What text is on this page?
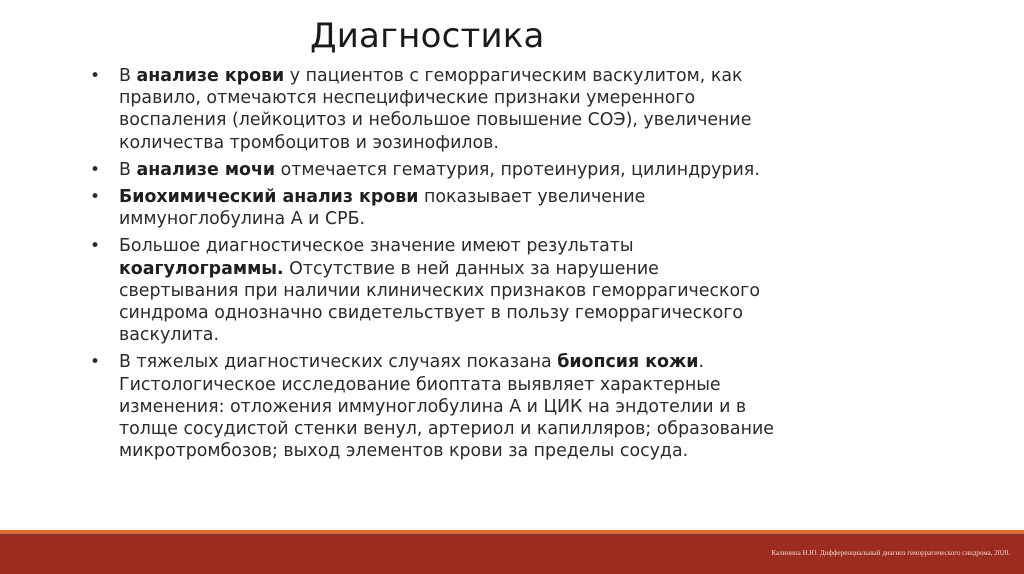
Диагностика
• В анализе крови у пациентов с геморрагическим васкулитом, как правило, отмечаются неспецифические признаки умеренного воспаления (лейкоцитоз и небольшое повышение СОЭ), увеличение количества тромбоцитов и эозинофилов.
• В анализе мочи отмечается гематурия, протеинурия, цилиндрурия.
• Биохимический анализ крови показывает увеличение иммуноглобулина А и СРБ.
• Большое диагностическое значение имеют результаты коагулограммы. Отсутствие в ней данных за нарушение свертывания при наличии клинических признаков геморрагического синдрома однозначно свидетельствует в пользу геморрагического васкулита.
• В тяжелых диагностических случаях показана биопсия кожи. Гистологическое исследование биоптата выявляет характерные изменения: отложения иммуноглобулина А и ЦИК на эндотелии и в толще сосудистой стенки венул, артериол и капилляров; образование микротромбозов; выход элементов крови за пределы сосуда.
Калинина Н.Ю. Дифференциальный диагноз геморрагического синдрома, 2020.
